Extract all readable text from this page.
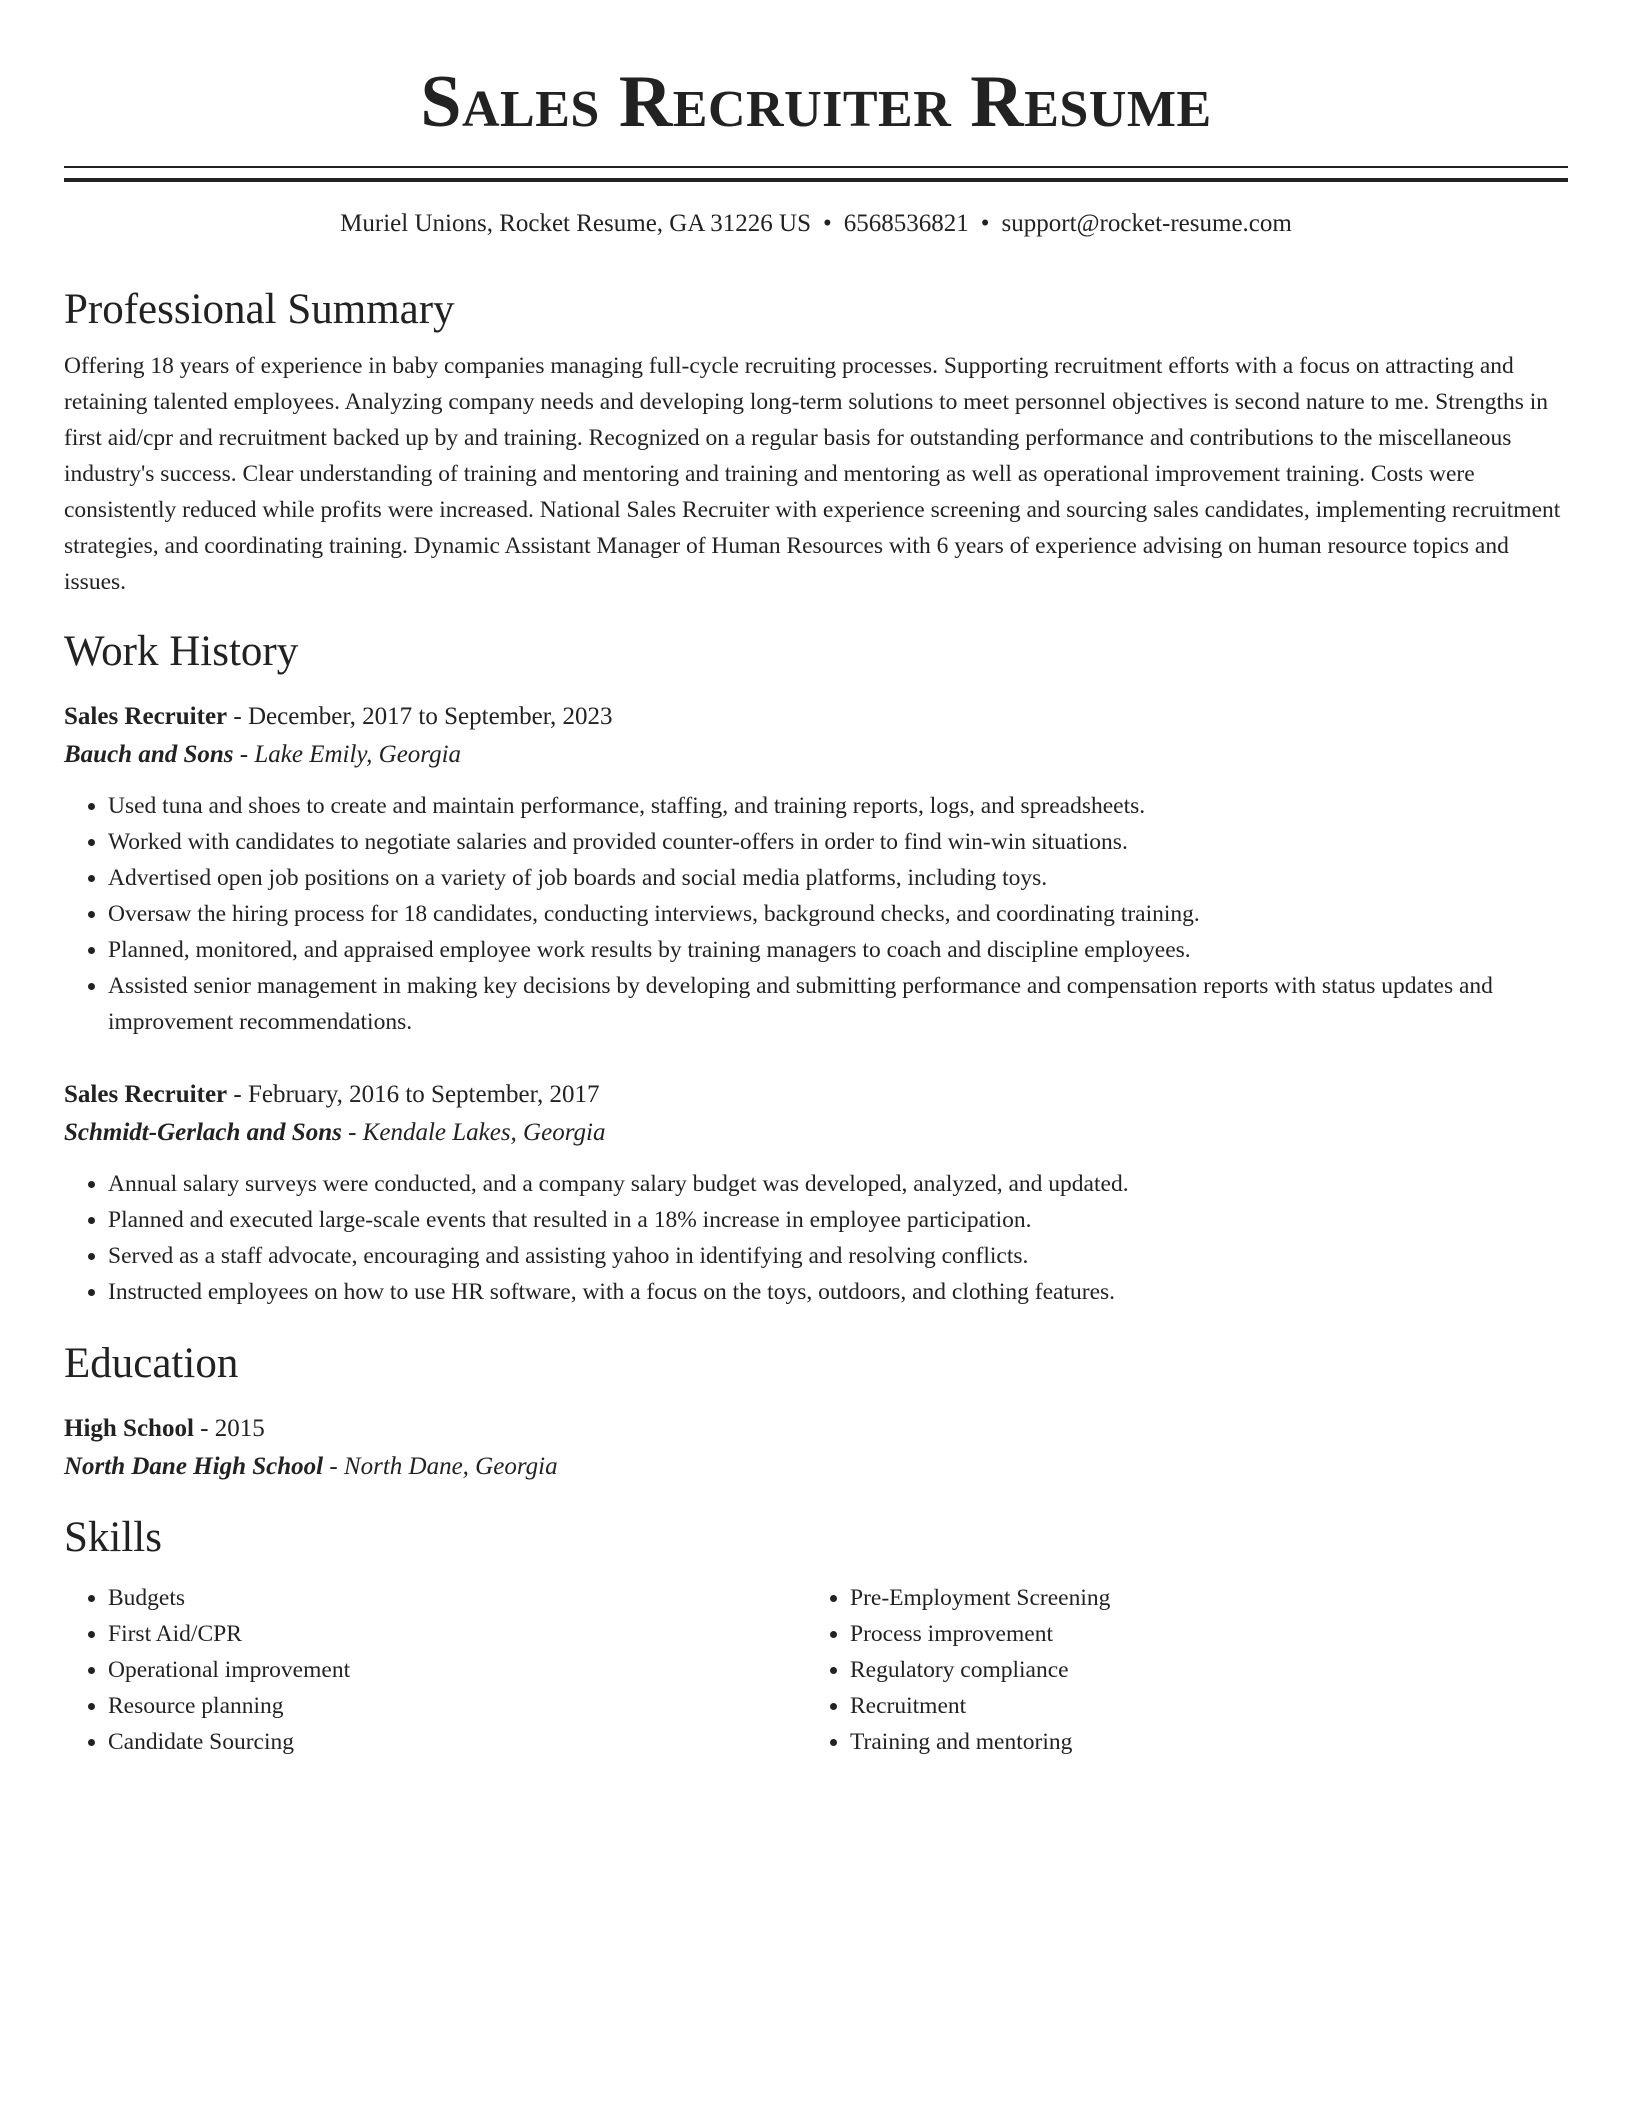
Sales Recruiter Resume
Muriel Unions, Rocket Resume, GA 31226 US • 6568536821 • support@rocket-resume.com
Professional Summary

Offering 18 years of experience in baby companies managing full-cycle recruiting processes. Supporting recruitment efforts with a focus on attracting and retaining talented employees. Analyzing company needs and developing long-term solutions to meet personnel objectives is second nature to me. Strengths in first aid/cpr and recruitment backed up by and training. Recognized on a regular basis for outstanding performance and contributions to the miscellaneous industry's success. Clear understanding of training and mentoring and training and mentoring as well as operational improvement training. Costs were consistently reduced while profits were increased. National Sales Recruiter with experience screening and sourcing sales candidates, implementing recruitment strategies, and coordinating training. Dynamic Assistant Manager of Human Resources with 6 years of experience advising on human resource topics and issues.

Work History
Sales Recruiter - December, 2017 to September, 2023
Bauch and Sons - Lake Emily, Georgia
• Used tuna and shoes to create and maintain performance, staffing, and training reports, logs, and spreadsheets.
• Worked with candidates to negotiate salaries and provided counter-offers in order to find win-win situations.
• Advertised open job positions on a variety of job boards and social media platforms, including toys.
• Oversaw the hiring process for 18 candidates, conducting interviews, background checks, and coordinating training.
• Planned, monitored, and appraised employee work results by training managers to coach and discipline employees.
• Assisted senior management in making key decisions by developing and submitting performance and compensation reports with status updates and improvement recommendations.
Sales Recruiter - February, 2016 to September, 2017
Schmidt-Gerlach and Sons - Kendale Lakes, Georgia
• Annual salary surveys were conducted, and a company salary budget was developed, analyzed, and updated.
• Planned and executed large-scale events that resulted in a 18% increase in employee participation.
• Served as a staff advocate, encouraging and assisting yahoo in identifying and resolving conflicts.
• Instructed employees on how to use HR software, with a focus on the toys, outdoors, and clothing features.
Education
High School - 2015
North Dane High School - North Dane, Georgia
Skills
• Budgets
• First Aid/CPR
• Operational improvement
• Resource planning
• Candidate Sourcing
• Pre-Employment Screening
• Process improvement
• Regulatory compliance
• Recruitment
• Training and mentoring
